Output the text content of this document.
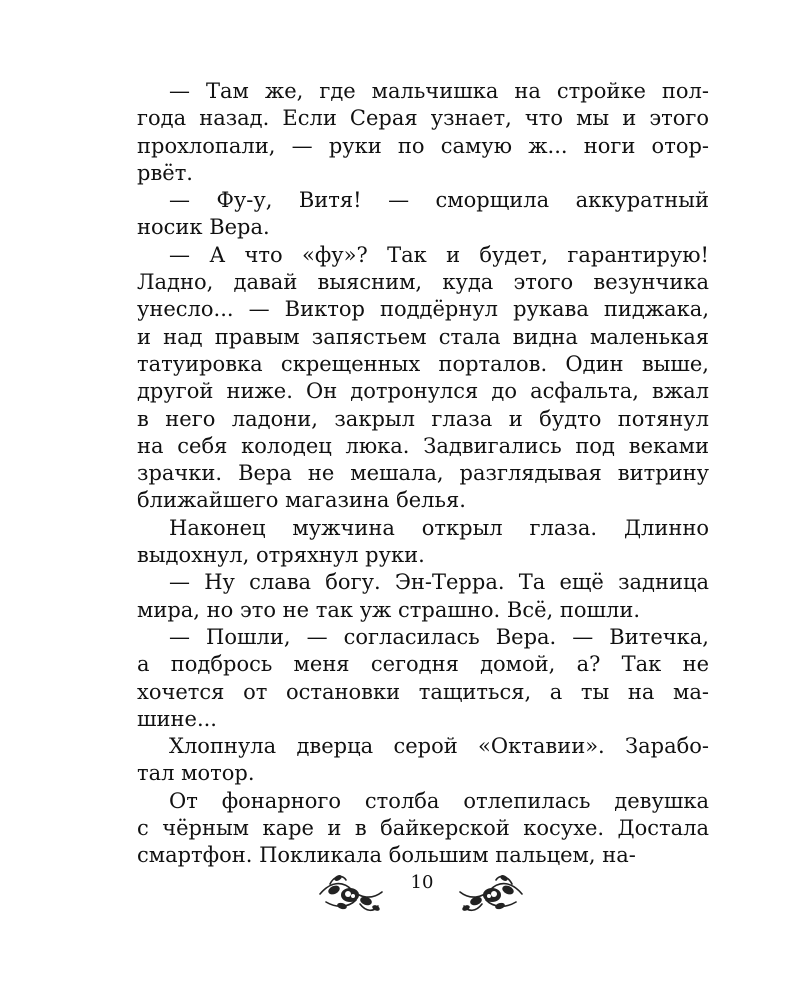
— Там же, где мальчишка на стройке пол-
года назад. Если Серая узнает, что мы и этого
прохлопали, — руки по самую ж... ноги отор-
рвёт.
— Фу-у, Витя! — сморщила аккуратный
носик Вера.
— А что «фу»? Так и будет, гарантирую!
Ладно, давай выясним, куда этого везунчика
унесло... — Виктор поддёрнул рукава пиджака,
и над правым запястьем стала видна маленькая
татуировка скрещенных порталов. Один выше,
другой ниже. Он дотронулся до асфальта, вжал
в него ладони, закрыл глаза и будто потянул
на себя колодец люка. Задвигались под веками
зрачки. Вера не мешала, разглядывая витрину
ближайшего магазина белья.
Наконец мужчина открыл глаза. Длинно
выдохнул, отряхнул руки.
— Ну слава богу. Эн-Терра. Та ещё задница
мира, но это не так уж страшно. Всё, пошли.
— Пошли, — согласилась Вера. — Витечка,
а подбрось меня сегодня домой, а? Так не
хочется от остановки тащиться, а ты на ма-
шине...
Хлопнула дверца серой «Октавии». Зарабо-
тал мотор.
От фонарного столба отлепилась девушка
с чёрным каре и в байкерской косухе. Достала
смартфон. Покликала большим пальцем, на-
10
